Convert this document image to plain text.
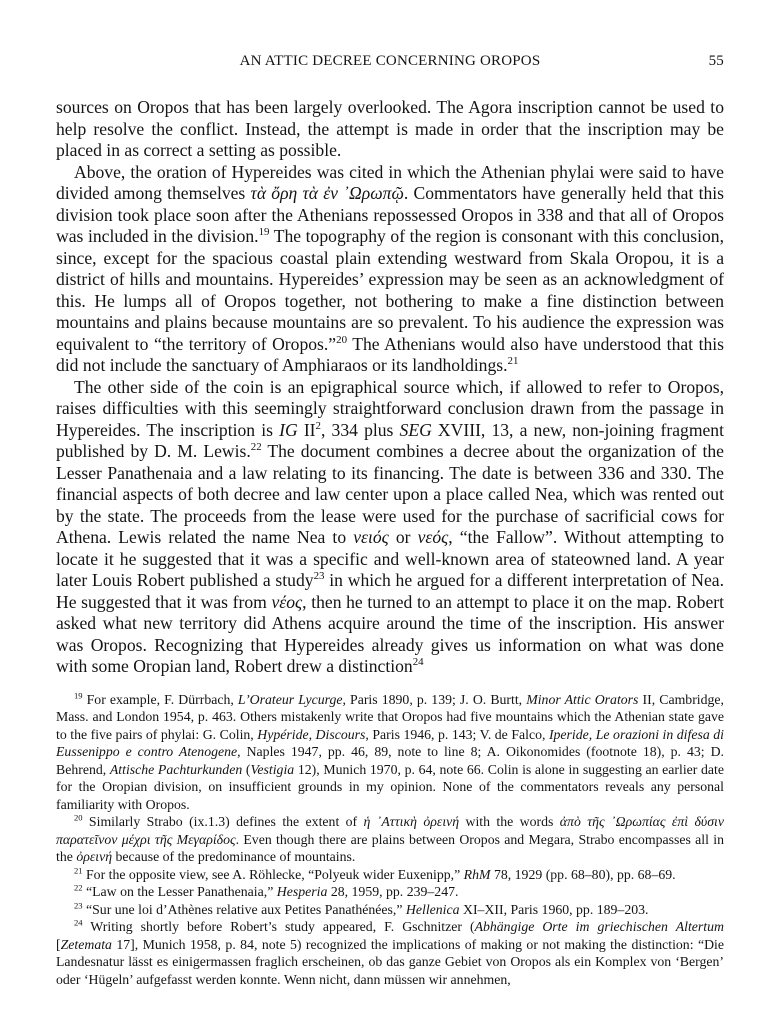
AN ATTIC DECREE CONCERNING OROPOS	55

sources on Oropos that has been largely overlooked. The Agora inscription cannot be used to help resolve the conflict. Instead, the attempt is made in order that the inscription may be placed in as correct a setting as possible.

Above, the oration of Hypereides was cited in which the Athenian phylai were said to have divided among themselves τὰ ὄρη τὰ ἐν ᾿Ωρωπῷ. Commentators have generally held that this division took place soon after the Athenians repossessed Oropos in 338 and that all of Oropos was included in the division.$^{19}$ The topography of the region is consonant with this conclusion, since, except for the spacious coastal plain extending westward from Skala Oropou, it is a district of hills and mountains. Hypereides’ expression may be seen as an acknowledgment of this. He lumps all of Oropos together, not bothering to make a fine distinction between mountains and plains because mountains are so prevalent. To his audience the expression was equivalent to “the territory of Oropos.”$^{20}$ The Athenians would also have understood that this did not include the sanctuary of Amphiaraos or its landholdings.$^{21}$

The other side of the coin is an epigraphical source which, if allowed to refer to Oropos, raises difficulties with this seemingly straightforward conclusion drawn from the passage in Hypereides. The inscription is IG $II^2$, 334 plus SEG XVIII, 13, a new, non-joining fragment published by D. M. Lewis.$^{22}$ The document combines a decree about the organization of the Lesser Panathenaia and a law relating to its financing. The date is between 336 and 330. The financial aspects of both decree and law center upon a place called Nea, which was rented out by the state. The proceeds from the lease were used for the purchase of sacrificial cows for Athena. Lewis related the name Nea to νειός or νεός, “the Fallow”. Without attempting to locate it he suggested that it was a specific and well-known area of stateowned land. A year later Louis Robert published a study$^{23}$ in which he argued for a different interpretation of Nea. He suggested that it was from νέος, then he turned to an attempt to place it on the map. Robert asked what new territory did Athens acquire around the time of the inscription. His answer was Oropos. Recognizing that Hypereides already gives us information on what was done with some Oropian land, Robert drew a distinction$^{24}$

$^{19}$ For example, F. Dürrbach, L’Orateur Lycurge, Paris 1890, p. 139; J. O. Burtt, Minor Attic Orators II, Cambridge, Mass. and London 1954, p. 463. Others mistakenly write that Oropos had five mountains which the Athenian state gave to the five pairs of phylai: G. Colin, Hypéride, Discours, Paris 1946, p. 143; V. de Falco, Iperide, Le orazioni in difesa di Eussenippo e contro Atenogene, Naples 1947, pp. 46, 89, note to line 8; A. Oikonomides (footnote 18), p. 43; D. Behrend, Attische Pachturkunden (Vestigia 12), Munich 1970, p. 64, note 66. Colin is alone in suggesting an earlier date for the Oropian division, on insufficient grounds in my opinion. None of the commentators reveals any personal familiarity with Oropos.

$^{20}$ Similarly Strabo (ix.1.3) defines the extent of ἡ ᾿Αττικὴ ὀρεινή with the words ἀπὸ τῆς ᾿Ωρωπίας ἐπὶ δύσιν παρατεῖνον μέχρι τῆς Μεγαρίδος. Even though there are plains between Oropos and Megara, Strabo encompasses all in the ὀρεινή because of the predominance of mountains.

$^{21}$ For the opposite view, see A. Röhlecke, “Polyeuk wider Euxenipp,” RhM 78, 1929 (pp. 68–80), pp. 68–69.

$^{22}$ “Law on the Lesser Panathenaia,” Hesperia 28, 1959, pp. 239–247.

$^{23}$ “Sur une loi d’Athènes relative aux Petites Panathénées,” Hellenica XI–XII, Paris 1960, pp. 189–203.

$^{24}$ Writing shortly before Robert’s study appeared, F. Gschnitzer (Abhängige Orte im griechischen Altertum [Zetemata 17], Munich 1958, p. 84, note 5) recognized the implications of making or not making the distinction: “Die Landesnatur lässt es einigermassen fraglich erscheinen, ob das ganze Gebiet von Oropos als ein Komplex von ‘Bergen’ oder ‘Hügeln’ aufgefasst werden konnte. Wenn nicht, dann müssen wir annehmen,
